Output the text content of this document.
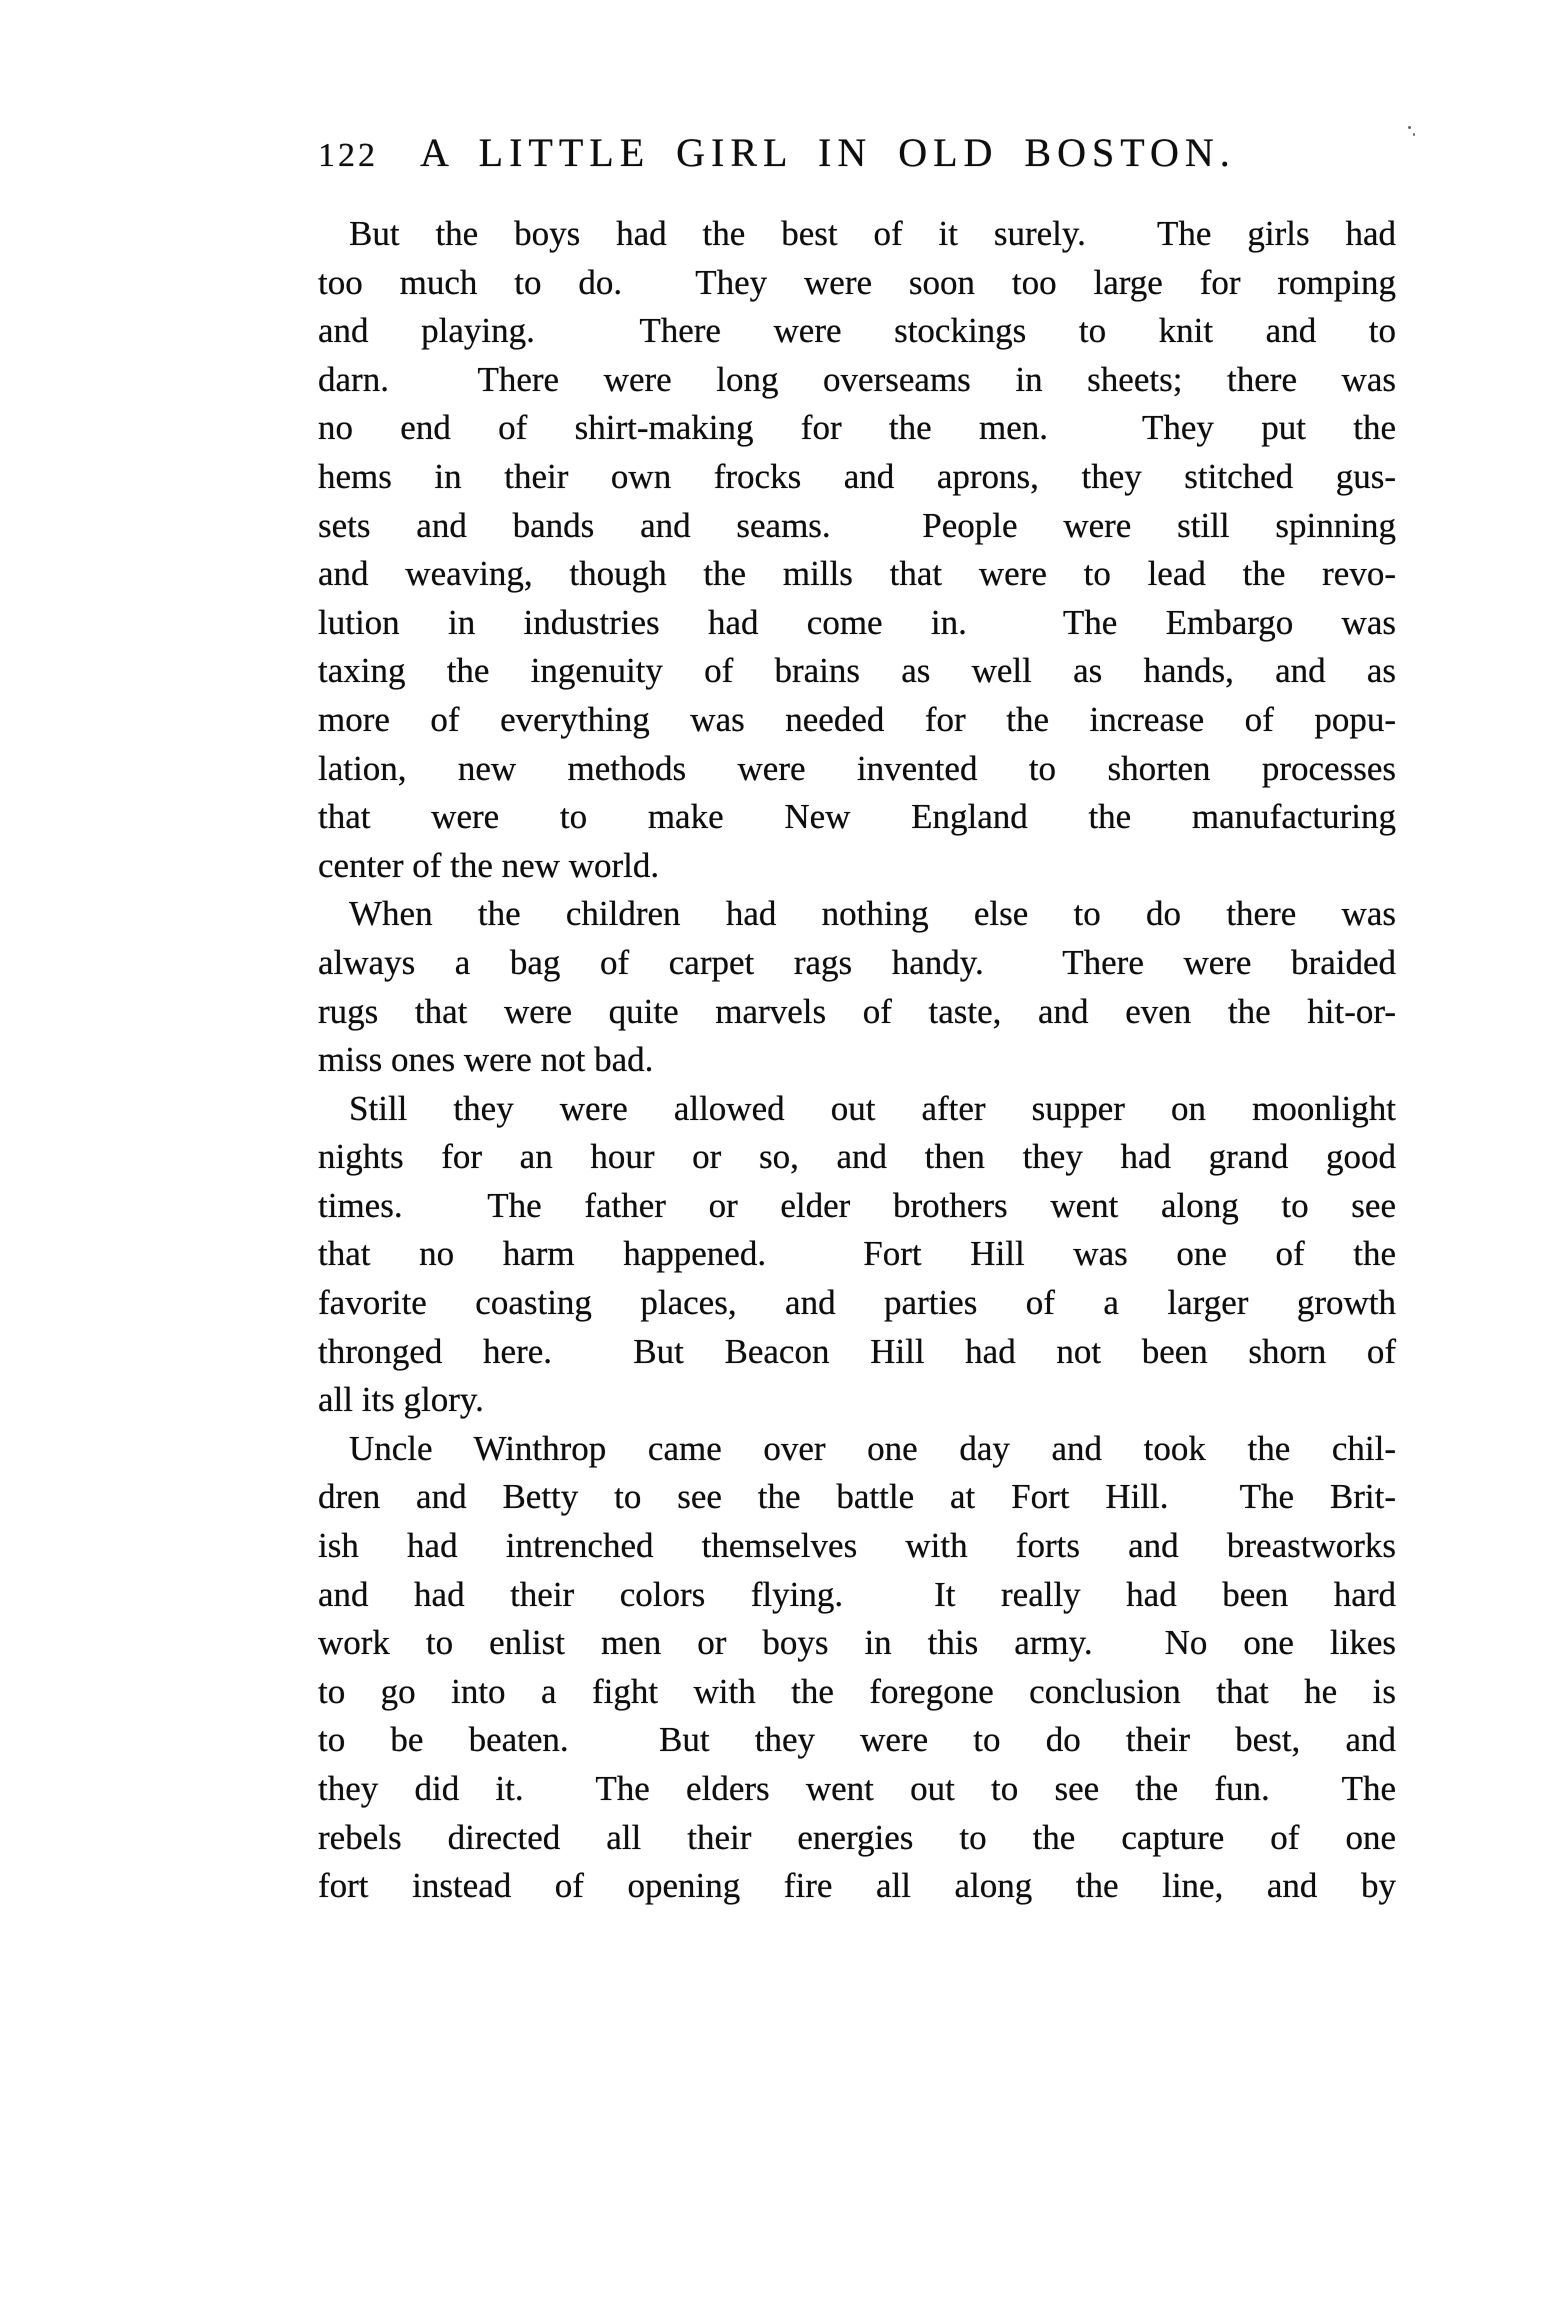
122 A LITTLE GIRL IN OLD BOSTON.
But the boys had the best of it surely.  The girls had
too much to do.  They were soon too large for romping
and playing.  There were stockings to knit and to
darn.  There were long overseams in sheets; there was
no end of shirt-making for the men.  They put the
hems in their own frocks and aprons, they stitched gus-
sets and bands and seams.  People were still spinning
and weaving, though the mills that were to lead the revo-
lution in industries had come in.  The Embargo was
taxing the ingenuity of brains as well as hands, and as
more of everything was needed for the increase of popu-
lation, new methods were invented to shorten processes
that were to make New England the manufacturing
center of the new world.
When the children had nothing else to do there was
always a bag of carpet rags handy.  There were braided
rugs that were quite marvels of taste, and even the hit-or-
miss ones were not bad.
Still they were allowed out after supper on moonlight
nights for an hour or so, and then they had grand good
times.  The father or elder brothers went along to see
that no harm happened.  Fort Hill was one of the
favorite coasting places, and parties of a larger growth
thronged here.  But Beacon Hill had not been shorn of
all its glory.
Uncle Winthrop came over one day and took the chil-
dren and Betty to see the battle at Fort Hill.  The Brit-
ish had intrenched themselves with forts and breastworks
and had their colors flying.  It really had been hard
work to enlist men or boys in this army.  No one likes
to go into a fight with the foregone conclusion that he is
to be beaten.  But they were to do their best, and
they did it.  The elders went out to see the fun.  The
rebels directed all their energies to the capture of one
fort instead of opening fire all along the line, and by
